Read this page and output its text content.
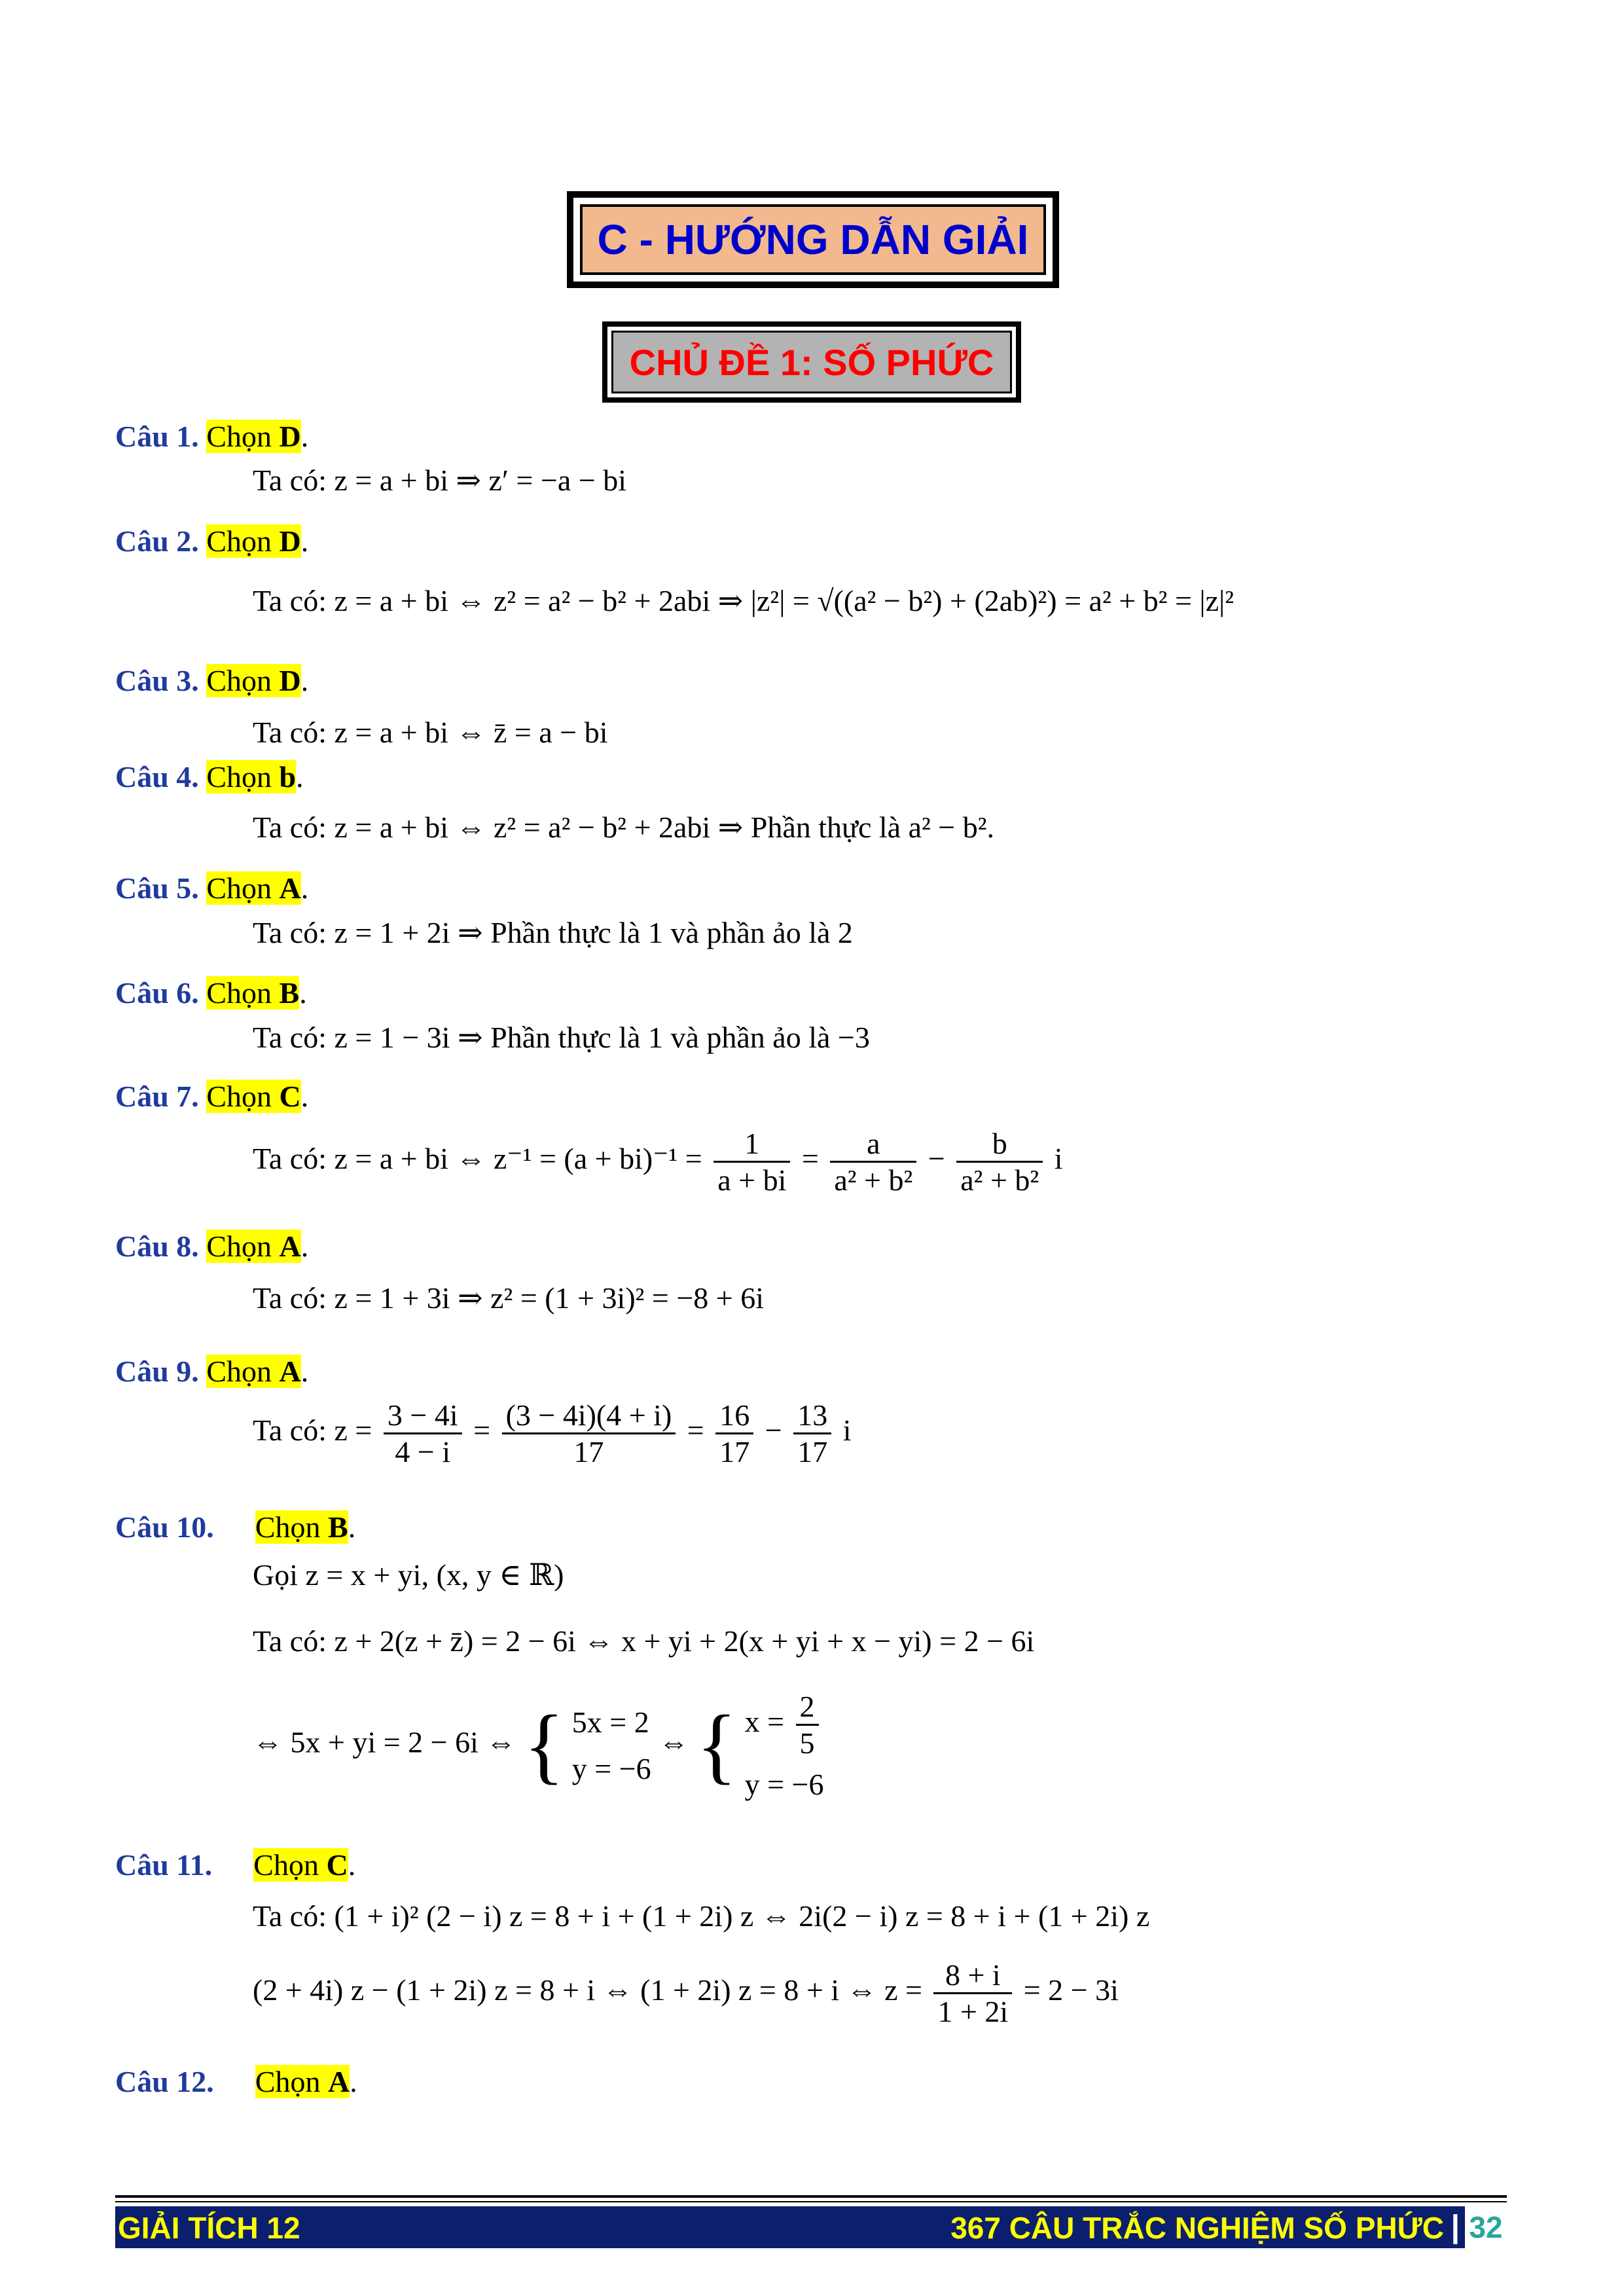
C - HƯỚNG DẪN GIẢI
CHỦ ĐỀ 1: SỐ PHỨC
Câu 1. Chọn D.
Ta có: z = a + bi ⇒ z′ = −a − bi
Câu 2. Chọn D.
Ta có: z = a + bi ⇔ z² = a² − b² + 2abi ⇒ |z²| = √((a² − b²) + (2ab)²) = a² + b² = |z|²
Câu 3. Chọn D.
Ta có: z = a + bi ⇔ z̄ = a − bi
Câu 4. Chọn b.
Ta có: z = a + bi ⇔ z² = a² − b² + 2abi ⇒ Phần thực là a² − b².
Câu 5. Chọn A.
Ta có: z = 1 + 2i ⇒ Phần thực là 1 và phần ảo là 2
Câu 6. Chọn B.
Ta có: z = 1 − 3i ⇒ Phần thực là 1 và phần ảo là −3
Câu 7. Chọn C.
Ta có: z = a + bi ⇔ $z^{-1} = (a + bi)^{-1} = \frac{1}{a + bi} = \frac{a}{\text{a² + b²}} - \frac{b}{\text{a² + b²}}$ i
Câu 8. Chọn A.
Ta có: z = 1 + 3i ⇒ z² = (1 + 3i)² = −8 + 6i
Câu 9. Chọn A.
Ta có: $z = \frac{3 - 4i}{4 - i} = \frac{(3 - 4i)(4 + i)}{17} = \frac{16}{17} - \frac{13}{17}$ i
Câu 10. Chọn B.
Gọi z = x + yi, (x, y ∈ ℝ)
Ta có: z + 2(z + z̄) = 2 − 6i ⇔ x + yi + 2(x + yi + x − yi) = 2 − 6i
⇔ 5x + yi = 2 − 6i ⇔ { 5x = 2
y = −6
⇔ { $x = \frac{2}{5}$
y = −6
Câu 11. Chọn C.
Ta có: (1 + i)² (2 − i) z = 8 + i + (1 + 2i) z ⇔ 2i(2 − i) z = 8 + i + (1 + 2i) z
(2 + 4i) z − (1 + 2i) z = 8 + i ⇔ (1 + 2i) z = 8 + i ⇔ $z = \frac{8 + i}{1 + 2i} = 2 - 3i$
Câu 12. Chọn A.
GIẢI TÍCH 12	367 CÂU TRẮC NGHIỆM SỐ PHỨC | 32
